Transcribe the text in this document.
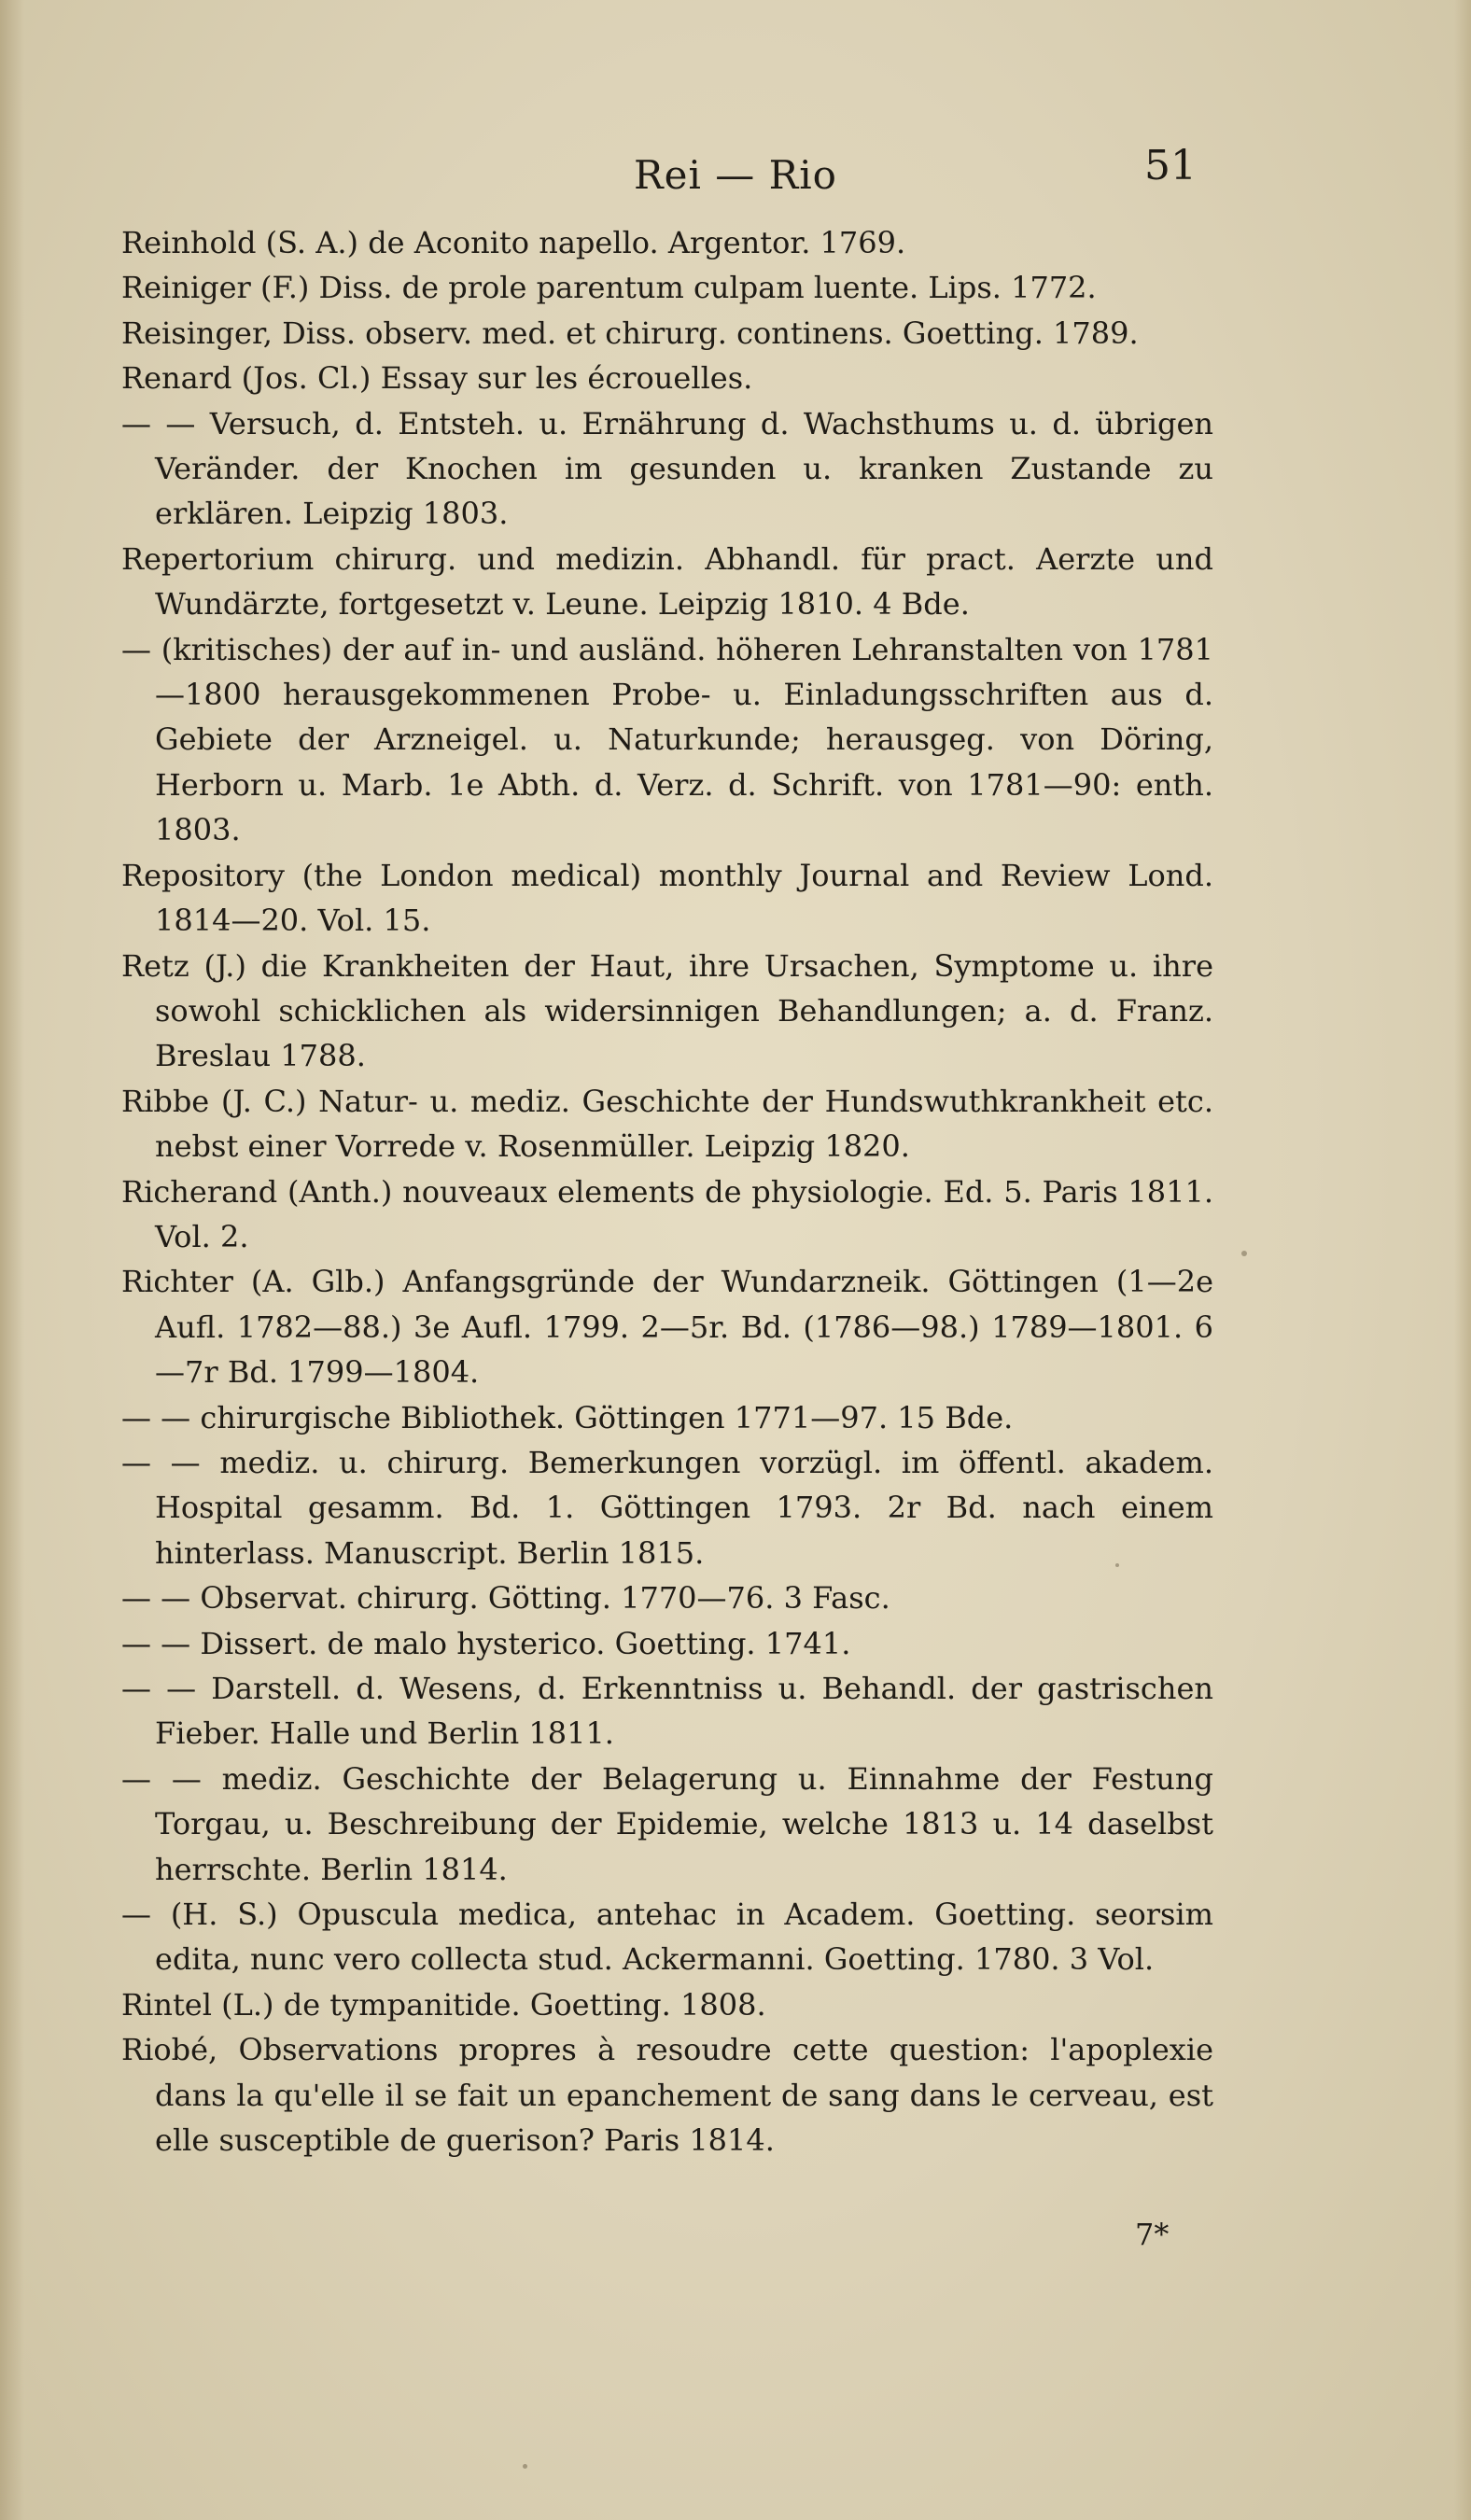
Rei — Rio	51

Reinhold (S. A.) de Aconito napello. Argentor. 1769.

Reiniger (F.) Diss. de prole parentum culpam luente. Lips. 1772.

Reisinger, Diss. observ. med. et chirurg. continens. Goetting. 1789.

Renard (Jos. Cl.) Essay sur les écrouelles.

— — Versuch, d. Entsteh. u. Ernährung d. Wachsthums u. d. übrigen Veränder. der Knochen im gesunden u. kranken Zustande zu erklären. Leipzig 1803.

Repertorium chirurg. und medizin. Abhandl. für pract. Aerzte und Wundärzte, fortgesetzt v. Leune. Leipzig 1810. 4 Bde.

— (kritisches) der auf in- und ausländ. höheren Lehranstalten von 1781—1800 herausgekommenen Probe- u. Einladungsschriften aus d. Gebiete der Arzneigel. u. Naturkunde; herausgeg. von Döring, Herborn u. Marb. 1e Abth. d. Verz. d. Schrift. von 1781—90: enth. 1803.

Repository (the London medical) monthly Journal and Review Lond. 1814—20. Vol. 15.

Retz (J.) die Krankheiten der Haut, ihre Ursachen, Symptome u. ihre sowohl schicklichen als widersinnigen Behandlungen; a. d. Franz. Breslau 1788.

Ribbe (J. C.) Natur- u. mediz. Geschichte der Hundswuthkrankheit etc. nebst einer Vorrede v. Rosenmüller. Leipzig 1820.

Richerand (Anth.) nouveaux elements de physiologie. Ed. 5. Paris 1811. Vol. 2.

Richter (A. Glb.) Anfangsgründe der Wundarzneik. Göttingen (1—2e Aufl. 1782—88.) 3e Aufl. 1799. 2—5r. Bd. (1786—98.) 1789—1801. 6—7r Bd. 1799—1804.

— — chirurgische Bibliothek. Göttingen 1771—97. 15 Bde.

— — mediz. u. chirurg. Bemerkungen vorzügl. im öffentl. akadem. Hospital gesamm. Bd. 1. Göttingen 1793. 2r Bd. nach einem hinterlass. Manuscript. Berlin 1815.

— — Observat. chirurg. Götting. 1770—76. 3 Fasc.

— — Dissert. de malo hysterico. Goetting. 1741.

— — Darstell. d. Wesens, d. Erkenntniss u. Behandl. der gastrischen Fieber. Halle und Berlin 1811.

— — mediz. Geschichte der Belagerung u. Einnahme der Festung Torgau, u. Beschreibung der Epidemie, welche 1813 u. 14 daselbst herrschte. Berlin 1814.

— (H. S.) Opuscula medica, antehac in Academ. Goetting. seorsim edita, nunc vero collecta stud. Ackermanni. Goetting. 1780. 3 Vol.

Rintel (L.) de tympanitide. Goetting. 1808.

Riobé, Observations propres à resoudre cette question: l'apoplexie dans la qu'elle il se fait un epanchement de sang dans le cerveau, est elle susceptible de guerison? Paris 1814.

7*
